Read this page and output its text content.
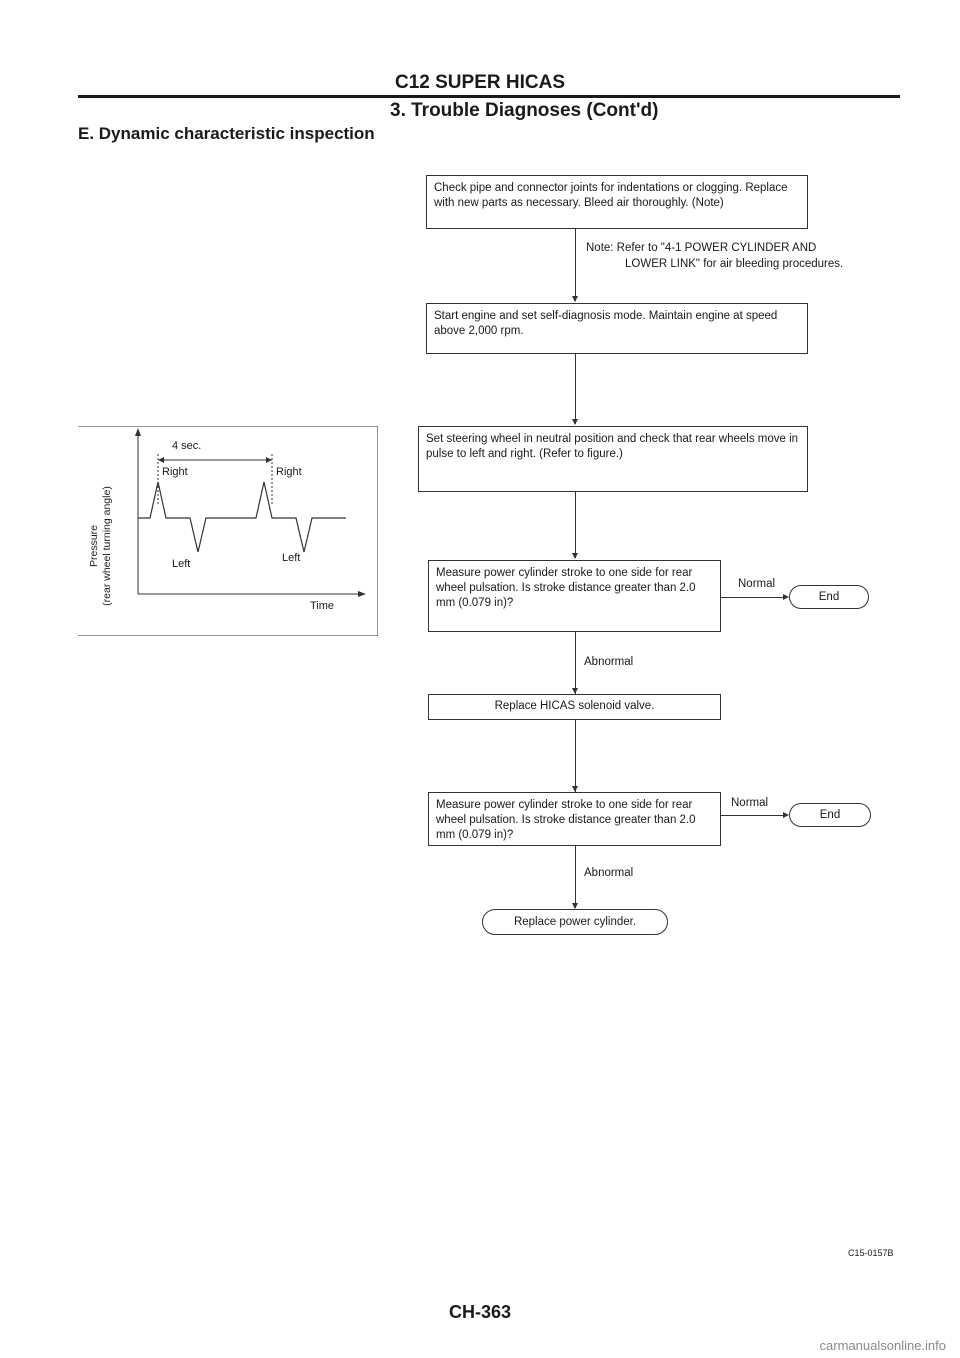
C12 SUPER HICAS
3. Trouble Diagnoses (Cont'd)
E. Dynamic characteristic inspection
4 sec.
Right	Right
Left	Left
Time
Pressure (rear wheel turning angle)
Check pipe and connector joints for indentations or clogging. Replace with new parts as necessary. Bleed air thoroughly. (Note)
Note: Refer to "4-1 POWER CYLINDER AND
LOWER LINK" for air bleeding procedures.
Start engine and set self-diagnosis mode. Maintain engine at speed above 2,000 rpm.
Set steering wheel in neutral position and check that rear wheels move in pulse to left and right. (Refer to figure.)
Measure power cylinder stroke to one side for rear wheel pulsation. Is stroke distance greater than 2.0 mm (0.079 in)?
Normal
End
Abnormal
Replace HICAS solenoid valve.
Measure power cylinder stroke to one side for rear wheel pulsation. Is stroke distance greater than 2.0 mm (0.079 in)?
Normal
End
Abnormal
Replace power cylinder.
C15-0157B
CH-363
carmanualsonline.info
